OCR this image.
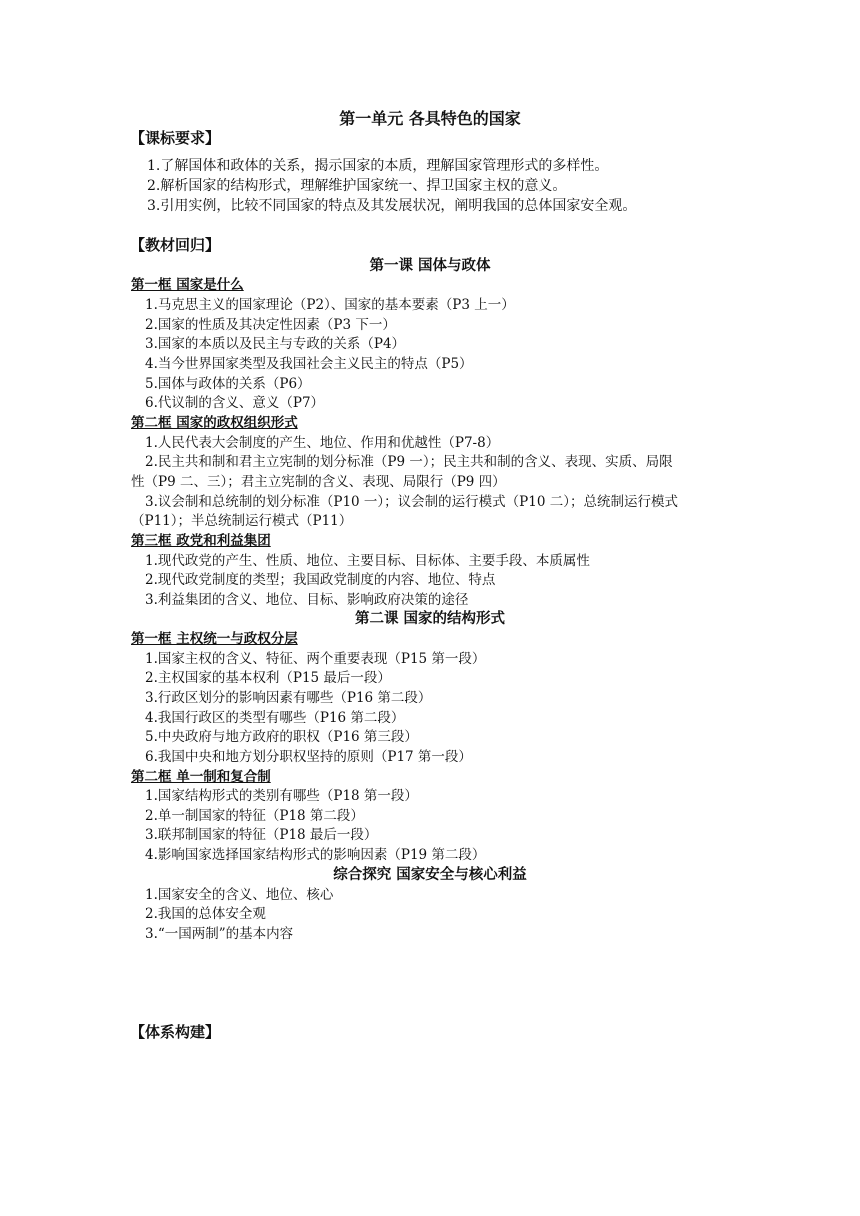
第一单元 各具特色的国家
【课标要求】
1.了解国体和政体的关系，揭示国家的本质，理解国家管理形式的多样性。
2.解析国家的结构形式，理解维护国家统一、捍卫国家主权的意义。
3.引用实例，比较不同国家的特点及其发展状况，阐明我国的总体国家安全观。
【教材回归】
第一课 国体与政体
第一框 国家是什么
1.马克思主义的国家理论（P2）、国家的基本要素（P3 上一）
2.国家的性质及其决定性因素（P3 下一）
3.国家的本质以及民主与专政的关系（P4）
4.当今世界国家类型及我国社会主义民主的特点（P5）
5.国体与政体的关系（P6）
6.代议制的含义、意义（P7）
第二框 国家的政权组织形式
1.人民代表大会制度的产生、地位、作用和优越性（P7-8）
2.民主共和制和君主立宪制的划分标准（P9 一）；民主共和制的含义、表现、实质、局限
性（P9 二、三）；君主立宪制的含义、表现、局限行（P9 四）
3.议会制和总统制的划分标准（P10 一）；议会制的运行模式（P10 二）；总统制运行模式
（P11）；半总统制运行模式（P11）
第三框 政党和利益集团
1.现代政党的产生、性质、地位、主要目标、目标体、主要手段、本质属性
2.现代政党制度的类型；我国政党制度的内容、地位、特点
3.利益集团的含义、地位、目标、影响政府决策的途径
第二课 国家的结构形式
第一框 主权统一与政权分层
1.国家主权的含义、特征、两个重要表现（P15 第一段）
2.主权国家的基本权利（P15 最后一段）
3.行政区划分的影响因素有哪些（P16 第二段）
4.我国行政区的类型有哪些（P16 第二段）
5.中央政府与地方政府的职权（P16 第三段）
6.我国中央和地方划分职权坚持的原则（P17 第一段）
第二框 单一制和复合制
1.国家结构形式的类别有哪些（P18 第一段）
2.单一制国家的特征（P18 第二段）
3.联邦制国家的特征（P18 最后一段）
4.影响国家选择国家结构形式的影响因素（P19 第二段）
综合探究 国家安全与核心利益
1.国家安全的含义、地位、核心
2.我国的总体安全观
3.“一国两制”的基本内容
【体系构建】
